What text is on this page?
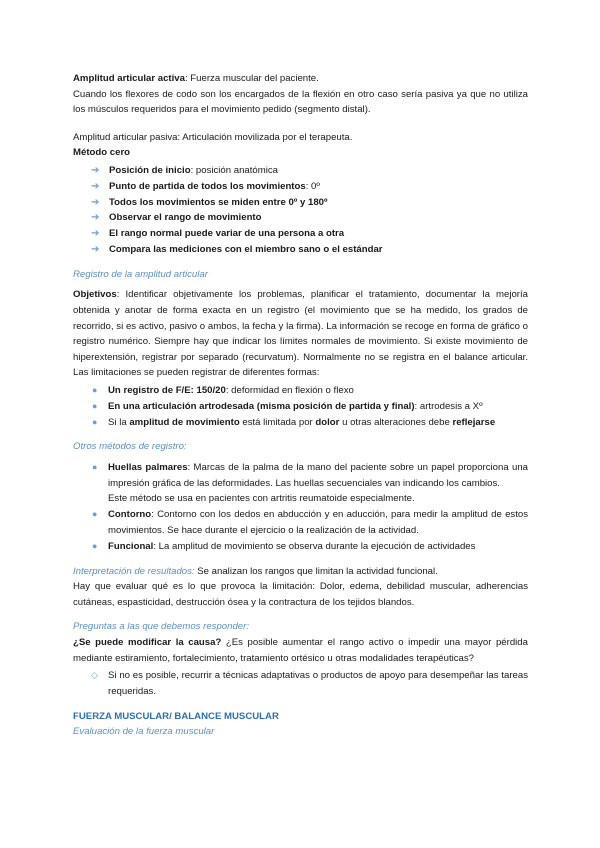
Amplitud articular activa: Fuerza muscular del paciente.

Cuando los flexores de codo son los encargados de la flexión en otro caso sería pasiva ya que no utiliza los músculos requeridos para el movimiento pedido (segmento distal).

Amplitud articular pasiva: Articulación movilizada por el terapeuta.

Método cero

➔ Posición de inicio: posición anatómica
➔ Punto de partida de todos los movimientos: 0º
➔ Todos los movimientos se miden entre 0º y 180º
➔ Observar el rango de movimiento
➔ El rango normal puede variar de una persona a otra
➔ Compara las mediciones con el miembro sano o el estándar

Registro de la amplitud articular

Objetivos: Identificar objetivamente los problemas, planificar el tratamiento, documentar la mejoría obtenida y anotar de forma exacta en un registro (el movimiento que se ha medido, los grados de recorrido, si es activo, pasivo o ambos, la fecha y la firma). La información se recoge en forma de gráfico o registro numérico. Siempre hay que indicar los límites normales de movimiento. Si existe movimiento de hiperextensión, registrar por separado (recurvatum). Normalmente no se registra en el balance articular. Las limitaciones se pueden registrar de diferentes formas:

● Un registro de F/E: 150/20: deformidad en flexión o flexo
● En una articulación artrodesada (misma posición de partida y final): artrodesis a Xº
● Si la amplitud de movimiento está limitada por dolor u otras alteraciones debe reflejarse

Otros métodos de registro:

● Huellas palmares: Marcas de la palma de la mano del paciente sobre un papel proporciona una impresión gráfica de las deformidades. Las huellas secuenciales van indicando los cambios.
Este método se usa en pacientes con artritis reumatoide especialmente.
● Contorno: Contorno con los dedos en abducción y en aducción, para medir la amplitud de estos movimientos. Se hace durante el ejercicio o la realización de la actividad.
● Funcional: La amplitud de movimiento se observa durante la ejecución de actividades

Interpretación de resultados: Se analizan los rangos que limitan la actividad funcional.

Hay que evaluar qué es lo que provoca la limitación: Dolor, edema, debilidad muscular, adherencias cutáneas, espasticidad, destrucción ósea y la contractura de los tejidos blandos.

Preguntas a las que debemos responder:

¿Se puede modificar la causa? ¿Es posible aumentar el rango activo o impedir una mayor pérdida mediante estiramiento, fortalecimiento, tratamiento ortésico u otras modalidades terapéuticas?

◇ Si no es posible, recurrir a técnicas adaptativas o productos de apoyo para desempeñar las tareas requeridas.

FUERZA MUSCULAR/ BALANCE MUSCULAR

Evaluación de la fuerza muscular
